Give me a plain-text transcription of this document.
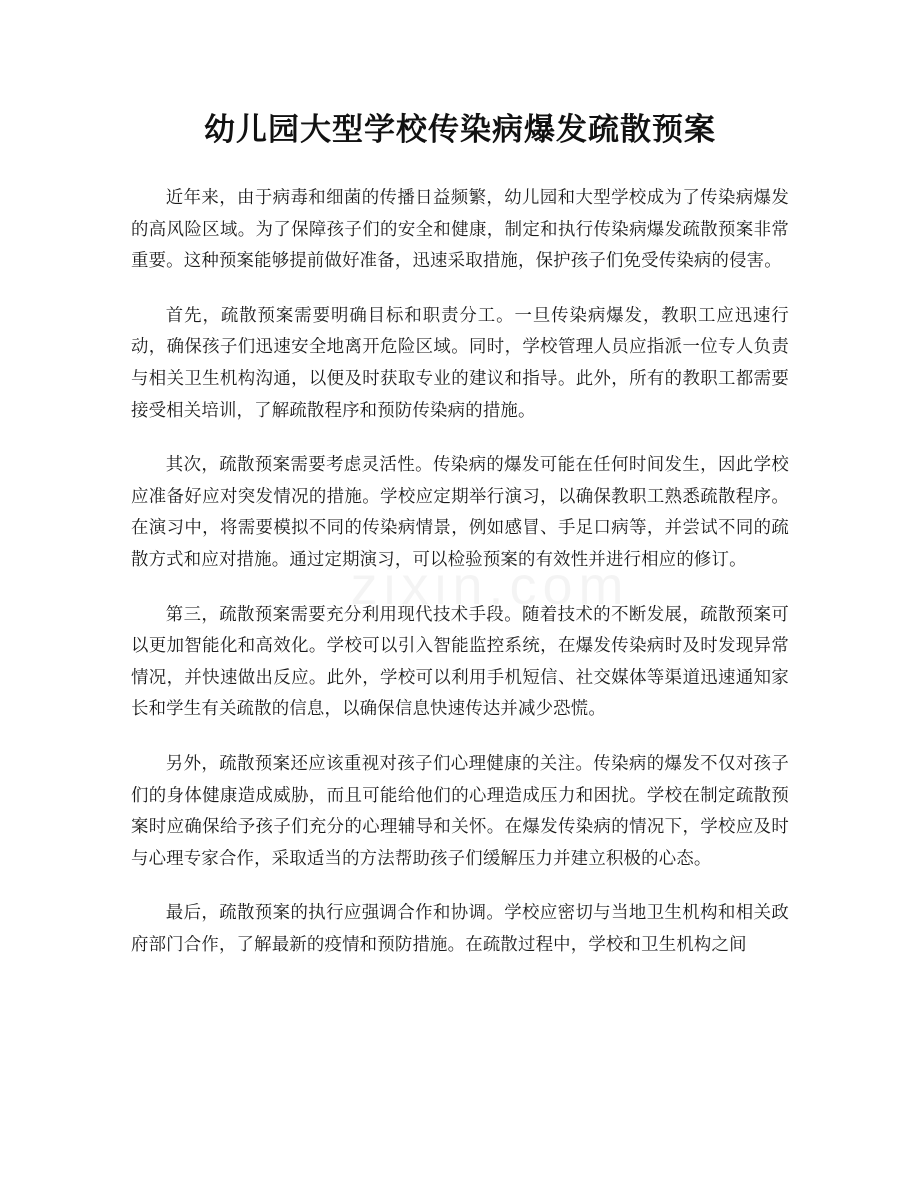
幼儿园大型学校传染病爆发疏散预案

近年来，由于病毒和细菌的传播日益频繁，幼儿园和大型学校成为了传染病爆发的高风险区域。为了保障孩子们的安全和健康，制定和执行传染病爆发疏散预案非常重要。这种预案能够提前做好准备，迅速采取措施，保护孩子们免受传染病的侵害。

首先，疏散预案需要明确目标和职责分工。一旦传染病爆发，教职工应迅速行动，确保孩子们迅速安全地离开危险区域。同时，学校管理人员应指派一位专人负责与相关卫生机构沟通，以便及时获取专业的建议和指导。此外，所有的教职工都需要接受相关培训，了解疏散程序和预防传染病的措施。

其次，疏散预案需要考虑灵活性。传染病的爆发可能在任何时间发生，因此学校应准备好应对突发情况的措施。学校应定期举行演习，以确保教职工熟悉疏散程序。在演习中，将需要模拟不同的传染病情景，例如感冒、手足口病等，并尝试不同的疏散方式和应对措施。通过定期演习，可以检验预案的有效性并进行相应的修订。

第三，疏散预案需要充分利用现代技术手段。随着技术的不断发展，疏散预案可以更加智能化和高效化。学校可以引入智能监控系统，在爆发传染病时及时发现异常情况，并快速做出反应。此外，学校可以利用手机短信、社交媒体等渠道迅速通知家长和学生有关疏散的信息，以确保信息快速传达并减少恐慌。

另外，疏散预案还应该重视对孩子们心理健康的关注。传染病的爆发不仅对孩子们的身体健康造成威胁，而且可能给他们的心理造成压力和困扰。学校在制定疏散预案时应确保给予孩子们充分的心理辅导和关怀。在爆发传染病的情况下，学校应及时与心理专家合作，采取适当的方法帮助孩子们缓解压力并建立积极的心态。

最后，疏散预案的执行应强调合作和协调。学校应密切与当地卫生机构和相关政府部门合作，了解最新的疫情和预防措施。在疏散过程中，学校和卫生机构之间
